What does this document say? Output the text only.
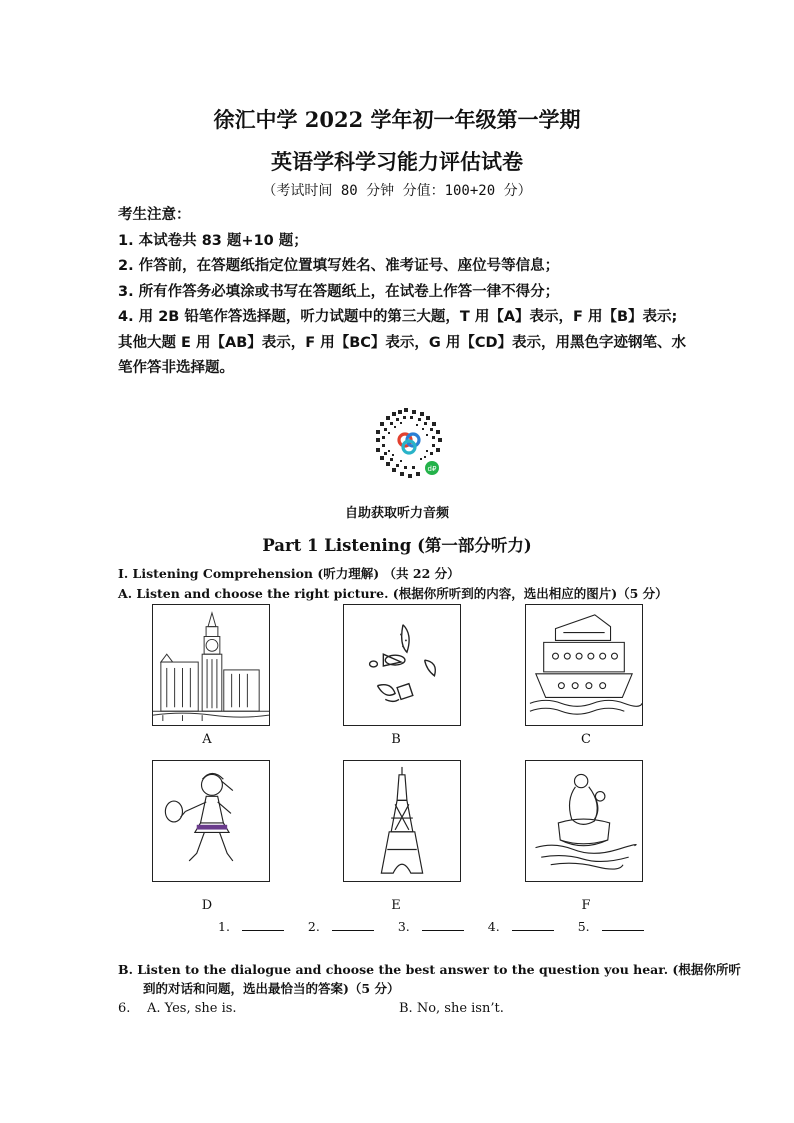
徐汇中学 2022 学年初一年级第一学期
英语学科学习能力评估试卷
（考试时间 80 分钟 分值：100+20 分）

考生注意：

1. 本试卷共 83 题+10 题；

2. 作答前，在答题纸指定位置填写姓名、准考证号、座位号等信息；

3. 所有作答务必填涂或书写在答题纸上，在试卷上作答一律不得分；

4. 用 2B 铅笔作答选择题，听力试题中的第三大题，T 用【A】表示，F 用【B】表示; 其他大题 E 用【AB】表示，F 用【BC】表示，G 用【CD】表示，用黑色字迹钢笔、水笔作答非选择题。

d₽
自助获取听力音频
Part 1 Listening (第一部分听力)
I. Listening Comprehension (听力理解) （共 22 分）
A. Listen and choose the right picture. (根据你所听到的内容，选出相应的图片)（5 分）
A	B	C
D	E	F
1.	2.	3.	4.	5.
B. Listen to the dialogue and choose the best answer to the question you hear. (根据你所听
到的对话和问题，选出最恰当的答案)（5 分）
6. A. Yes, she is.	B. No, she isn’t.
